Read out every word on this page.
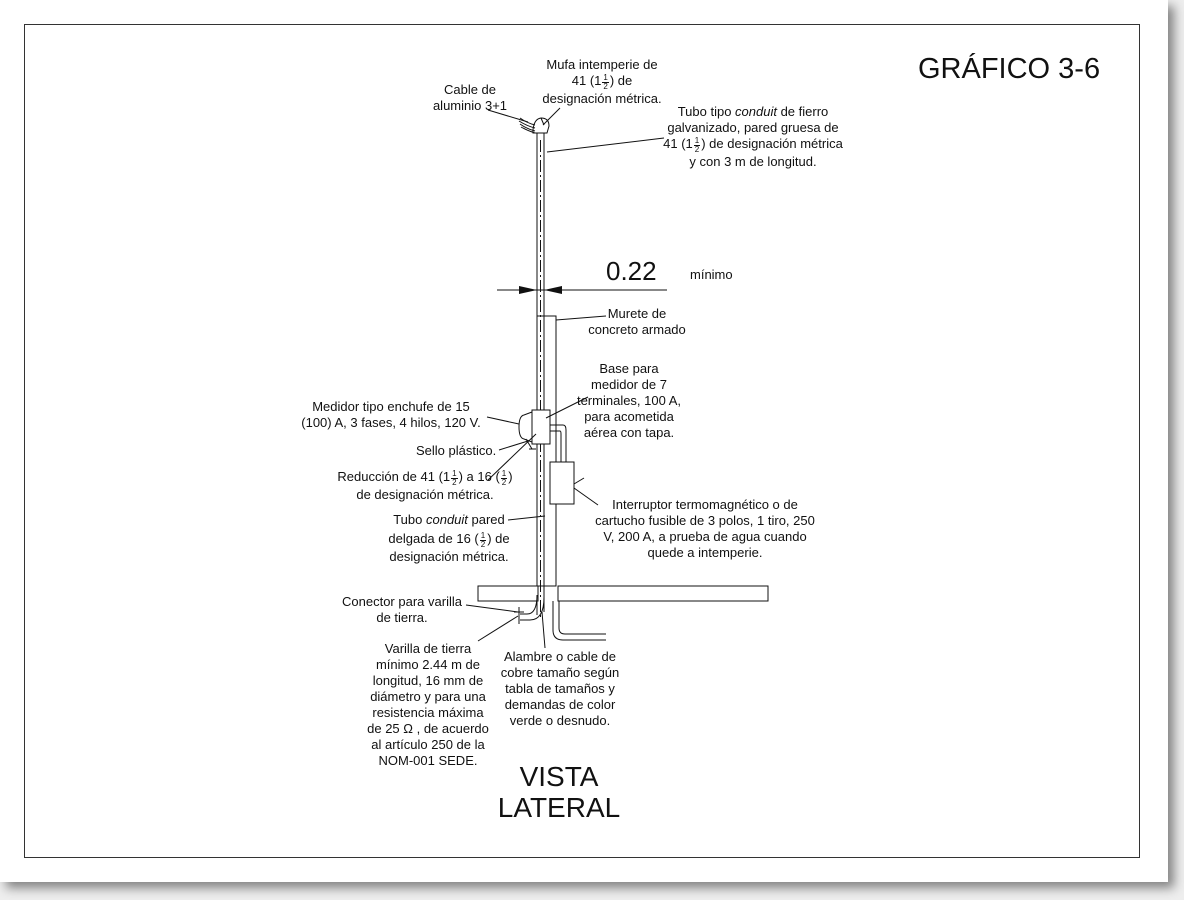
GRÁFICO 3-6
0.22	mínimo
Mufa intemperie de
41 ($1 \frac{1}{2}$ ) de
designación métrica.
Cable de
aluminio 3+1	Tubo tipo conduit de fierro
galvanizado, pared gruesa de
41 ($1 \frac{1}{2}$ ) de designación métrica
y con 3 m de longitud.
Murete de
concreto armado
Base para
medidor de 7
terminales, 100 A,
para acometida
aérea con tapa.
Medidor tipo enchufe de 15
(100) A, 3 fases, 4 hilos, 120 V.
Sello plástico.
Reducción de 41 ($1 \frac{1}{2}$ ) a 16 ( $\frac{1}{2}$ )
de designación métrica.
Tubo conduit pared
delgada de 16 ( $\frac{1}{2}$ ) de
designación métrica.
Interruptor termomagnético o de
cartucho fusible de 3 polos, 1 tiro, 250
V, 200 A, a prueba de agua cuando
quede a intemperie.
Conector para varilla
de tierra.
Varilla de tierra
mínimo 2.44 m de
longitud, 16 mm de
diámetro y para una
resistencia máxima
de 25 Ω , de acuerdo
al artículo 250 de la
NOM-001 SEDE.
Alambre o cable de
cobre tamaño según
tabla de tamaños y
demandas de color
verde o desnudo.
VISTA
LATERAL
